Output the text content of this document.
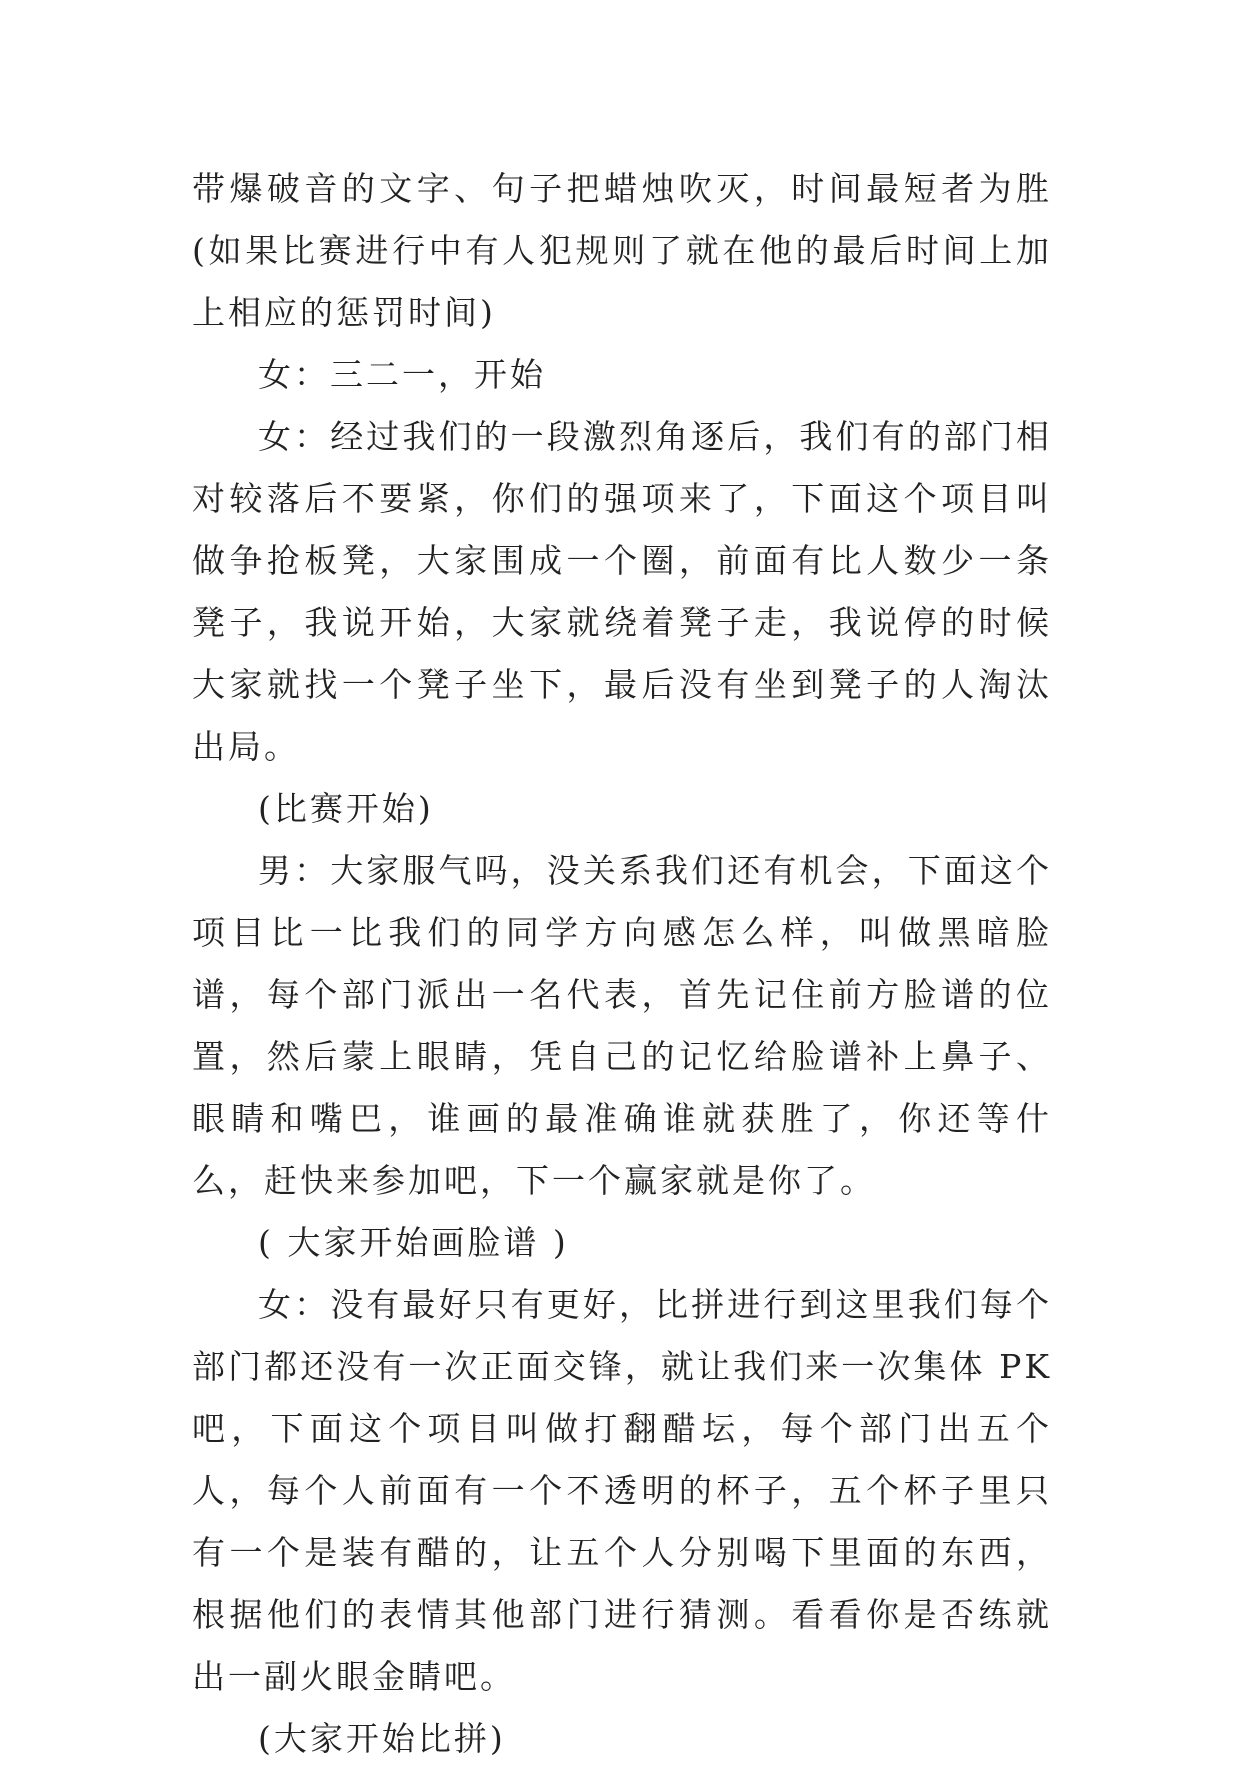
带爆破音的文字、句子把蜡烛吹灭，时间最短者为胜(如果比赛进行中有人犯规则了就在他的最后时间上加上相应的惩罚时间)

女：三二一，开始

女：经过我们的一段激烈角逐后，我们有的部门相对较落后不要紧，你们的强项来了，下面这个项目叫做争抢板凳，大家围成一个圈，前面有比人数少一条凳子，我说开始，大家就绕着凳子走，我说停的时候大家就找一个凳子坐下，最后没有坐到凳子的人淘汰出局。

(比赛开始)

男：大家服气吗，没关系我们还有机会，下面这个项目比一比我们的同学方向感怎么样，叫做黑暗脸谱，每个部门派出一名代表，首先记住前方脸谱的位置，然后蒙上眼睛，凭自己的记忆给脸谱补上鼻子、眼睛和嘴巴，谁画的最准确谁就获胜了，你还等什么，赶快来参加吧，下一个赢家就是你了。

( 大家开始画脸谱 )

女：没有最好只有更好，比拼进行到这里我们每个部门都还没有一次正面交锋，就让我们来一次集体 PK 吧，下面这个项目叫做打翻醋坛，每个部门出五个人，每个人前面有一个不透明的杯子，五个杯子里只有一个是装有醋的，让五个人分别喝下里面的东西，根据他们的表情其他部门进行猜测。看看你是否练就出一副火眼金睛吧。

(大家开始比拼)
